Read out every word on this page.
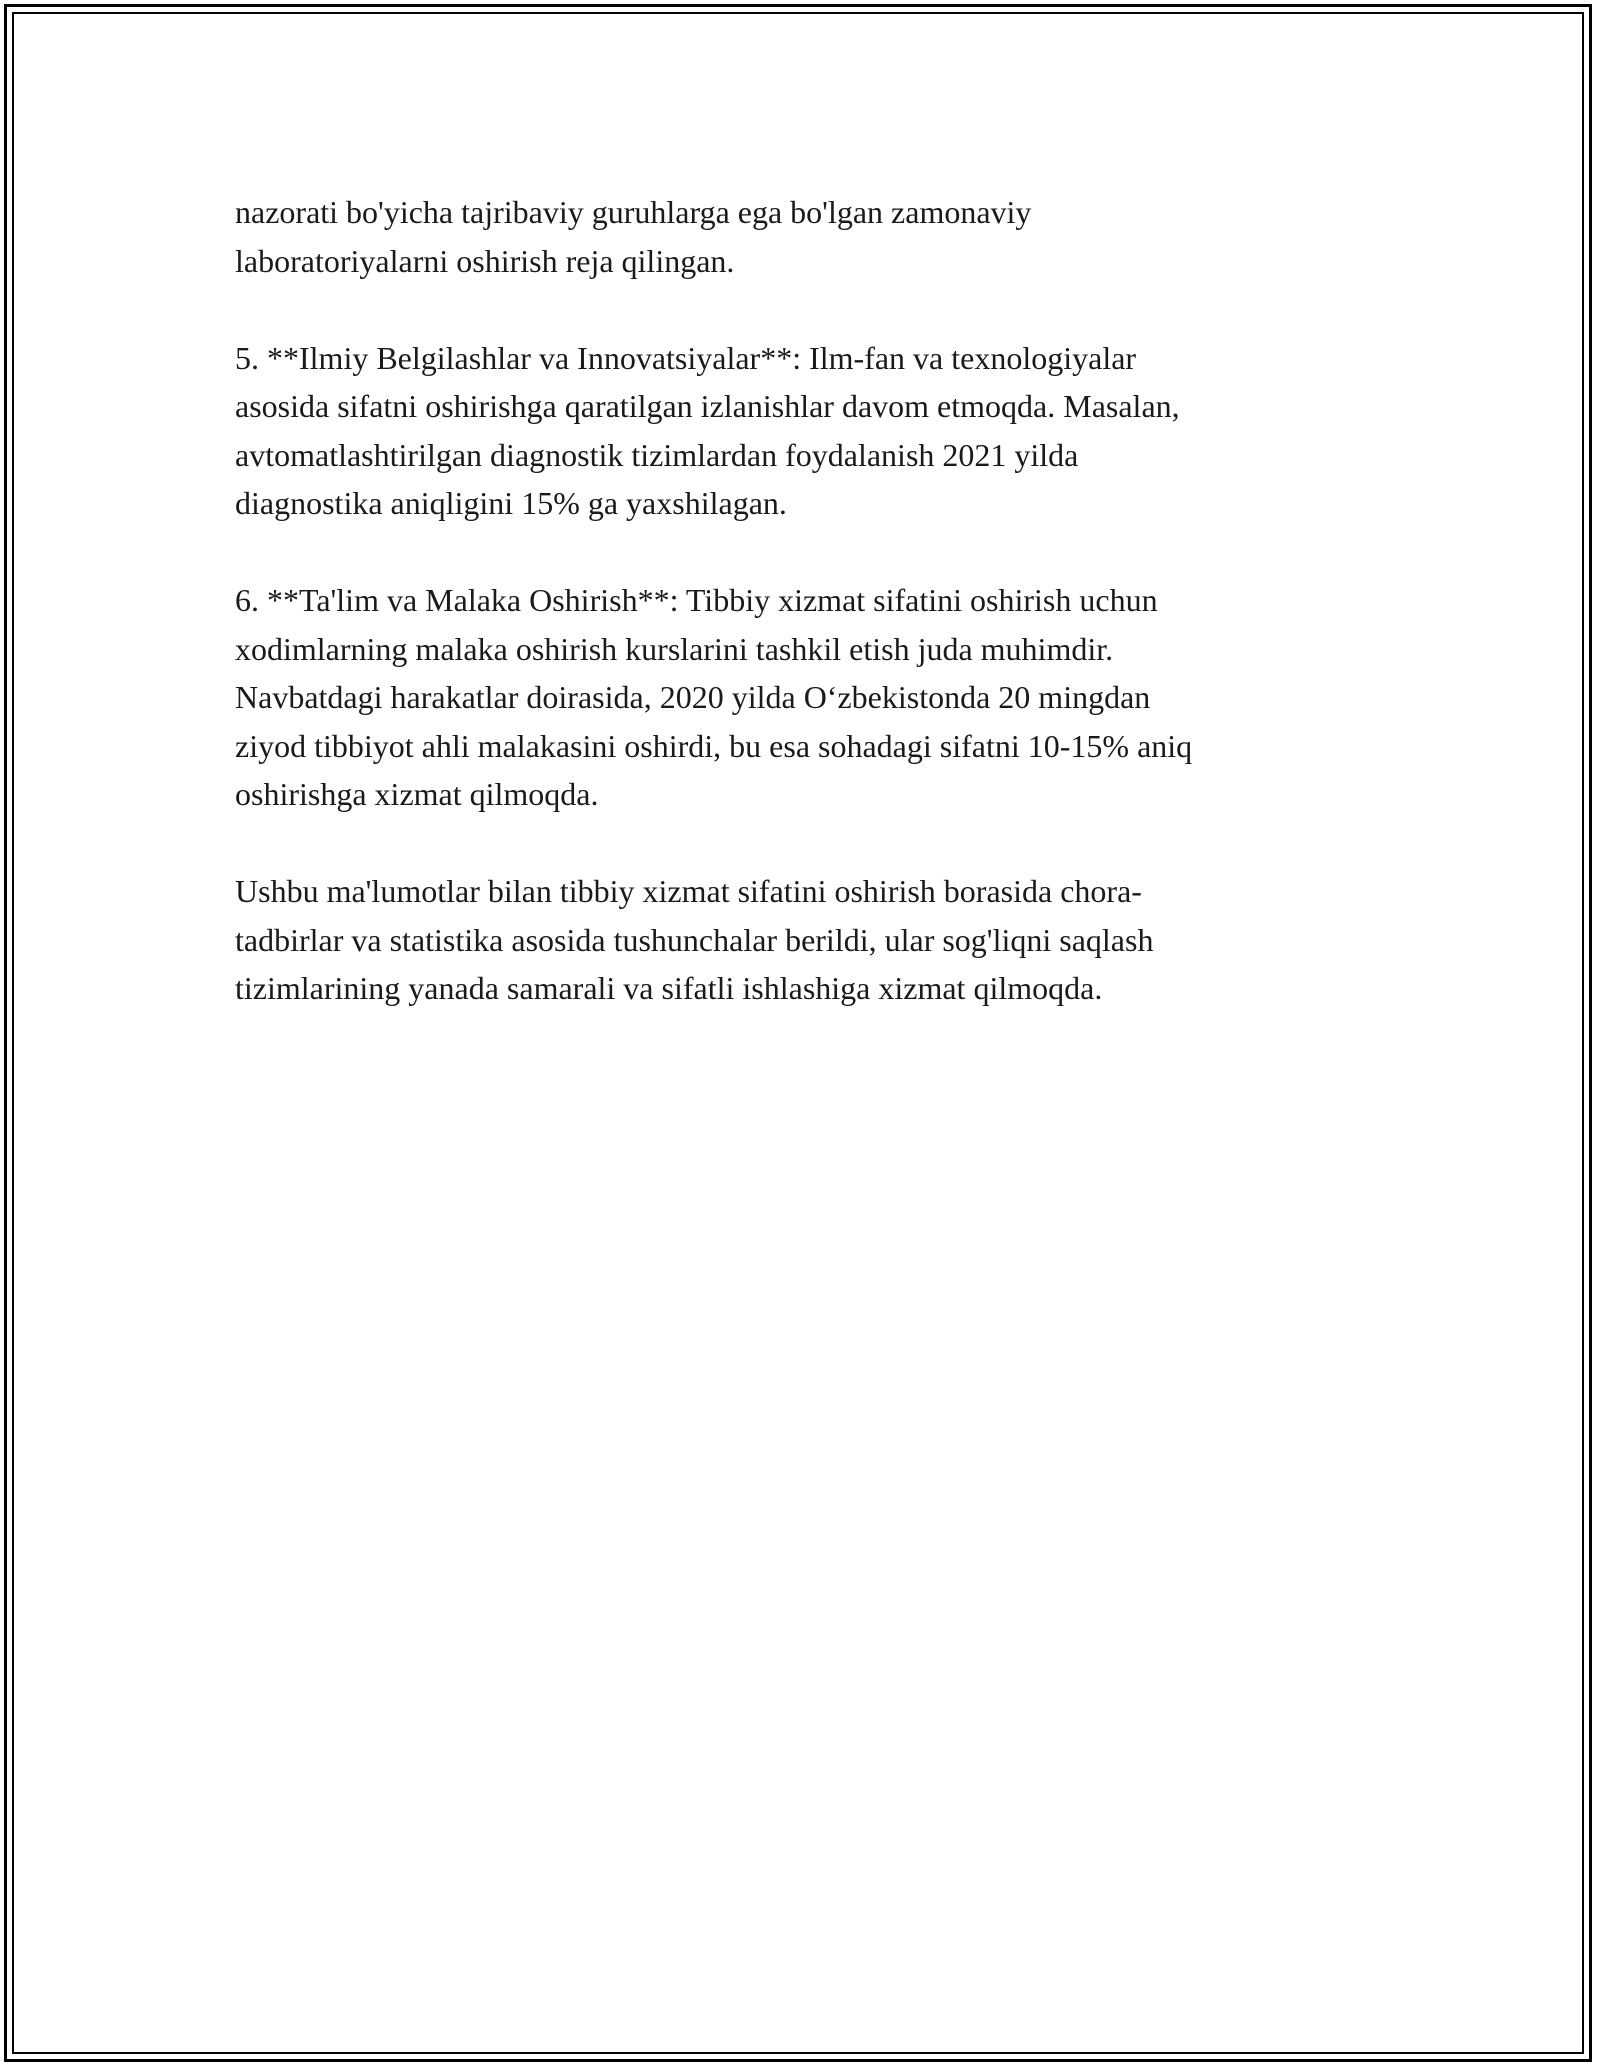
nazorati bo'yicha tajribaviy guruhlarga ega bo'lgan zamonaviy
laboratoriyalarni oshirish reja qilingan.

5. **Ilmiy Belgilashlar va Innovatsiyalar**: Ilm-fan va texnologiyalar
asosida sifatni oshirishga qaratilgan izlanishlar davom etmoqda. Masalan,
avtomatlashtirilgan diagnostik tizimlardan foydalanish 2021 yilda
diagnostika aniqligini 15% ga yaxshilagan.

6. **Ta'lim va Malaka Oshirish**: Tibbiy xizmat sifatini oshirish uchun
xodimlarning malaka oshirish kurslarini tashkil etish juda muhimdir.
Navbatdagi harakatlar doirasida, 2020 yilda O‘zbekistonda 20 mingdan
ziyod tibbiyot ahli malakasini oshirdi, bu esa sohadagi sifatni 10-15% aniq
oshirishga xizmat qilmoqda.

Ushbu ma'lumotlar bilan tibbiy xizmat sifatini oshirish borasida chora-
tadbirlar va statistika asosida tushunchalar berildi, ular sog'liqni saqlash
tizimlarining yanada samarali va sifatli ishlashiga xizmat qilmoqda.
